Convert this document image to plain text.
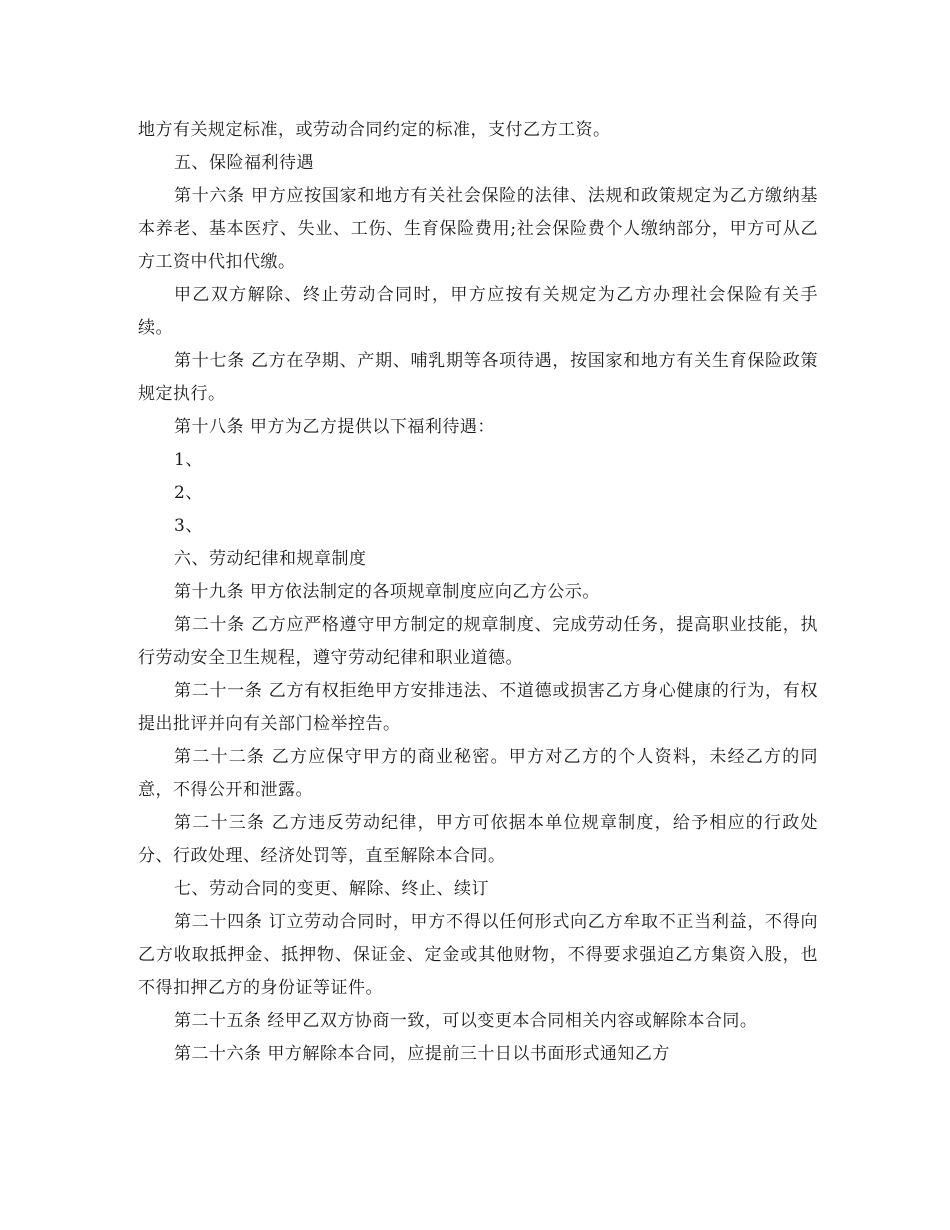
地方有关规定标准，或劳动合同约定的标准，支付乙方工资。

五、保险福利待遇

第十六条 甲方应按国家和地方有关社会保险的法律、法规和政策规定为乙方缴纳基本养老、基本医疗、失业、工伤、生育保险费用;社会保险费个人缴纳部分，甲方可从乙方工资中代扣代缴。

甲乙双方解除、终止劳动合同时，甲方应按有关规定为乙方办理社会保险有关手续。

第十七条 乙方在孕期、产期、哺乳期等各项待遇，按国家和地方有关生育保险政策规定执行。

第十八条 甲方为乙方提供以下福利待遇：

1、

2、

3、

六、劳动纪律和规章制度

第十九条 甲方依法制定的各项规章制度应向乙方公示。

第二十条 乙方应严格遵守甲方制定的规章制度、完成劳动任务，提高职业技能，执行劳动安全卫生规程，遵守劳动纪律和职业道德。

第二十一条 乙方有权拒绝甲方安排违法、不道德或损害乙方身心健康的行为，有权提出批评并向有关部门检举控告。

第二十二条 乙方应保守甲方的商业秘密。甲方对乙方的个人资料，未经乙方的同意，不得公开和泄露。

第二十三条 乙方违反劳动纪律，甲方可依据本单位规章制度，给予相应的行政处分、行政处理、经济处罚等，直至解除本合同。

七、劳动合同的变更、解除、终止、续订

第二十四条 订立劳动合同时，甲方不得以任何形式向乙方牟取不正当利益，不得向乙方收取抵押金、抵押物、保证金、定金或其他财物，不得要求强迫乙方集资入股，也不得扣押乙方的身份证等证件。

第二十五条 经甲乙双方协商一致，可以变更本合同相关内容或解除本合同。

第二十六条 甲方解除本合同，应提前三十日以书面形式通知乙方
